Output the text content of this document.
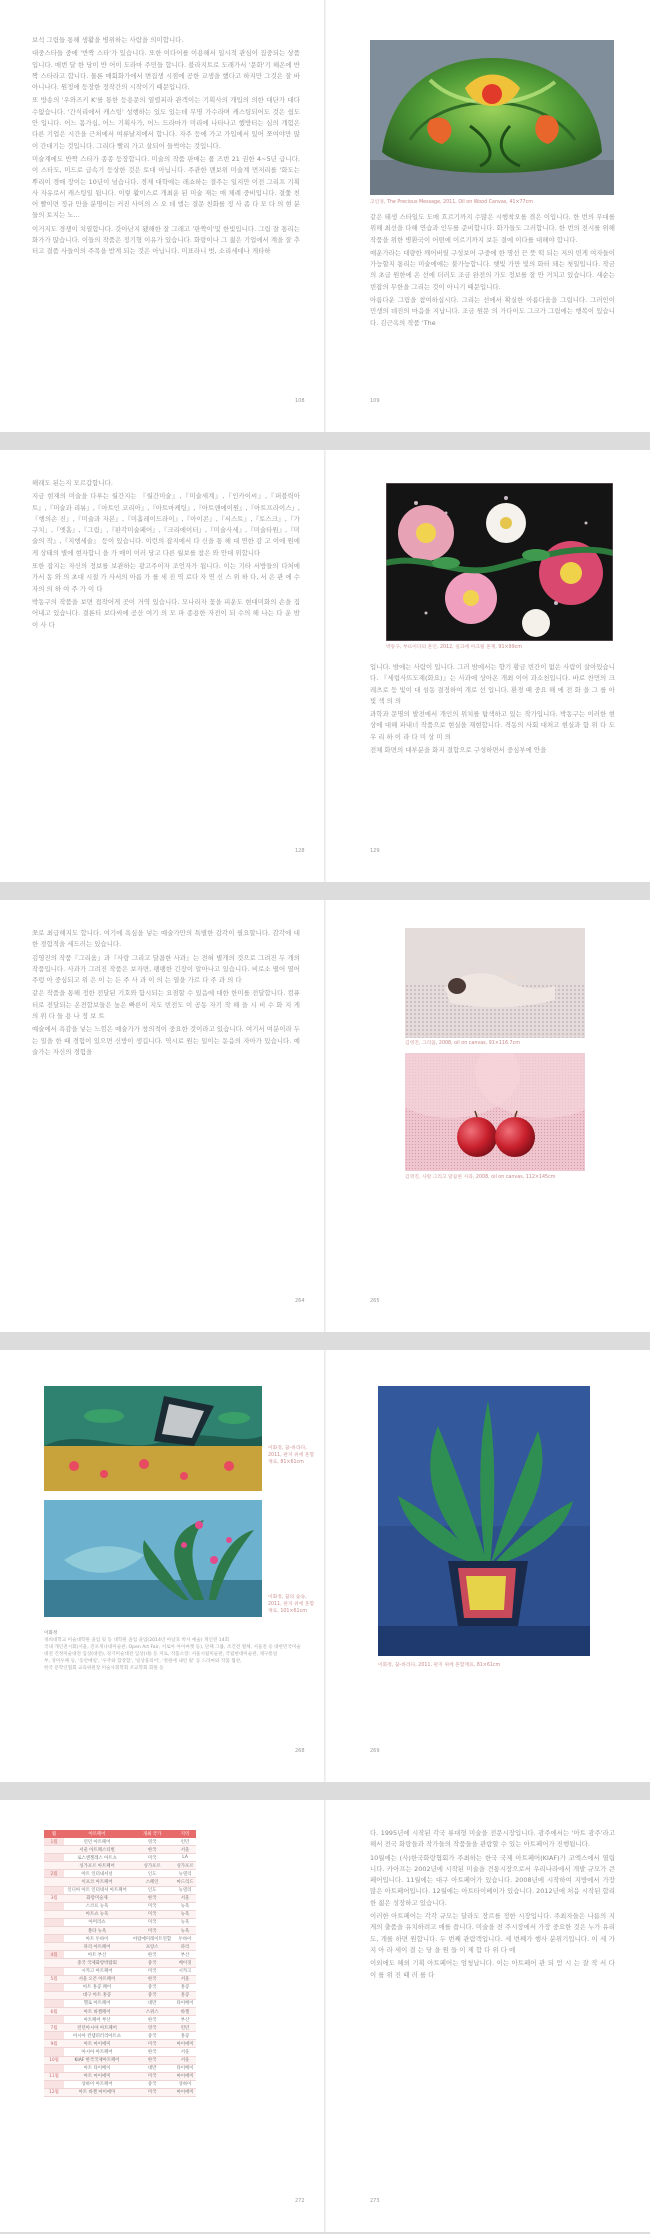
보석 그림들 통해 생활을 병위하는 사람을 의미합니다.

대중스타들 중에 '반짝 스타'가 있습니다. 또한 이다어를 이용해서 일시적 관심이 집중되는 상품입니다. 매번 달 한 당이 반 어이 도라마 주민들 합니다. 블라지트로 도래가서 '문화'기 해온에 반짝 스타라고 합니다. 물론 매회화가에서 변집생 시점에 공한 교생을 했다고 하지만 그것은 잘 바 아니나다. 원정에 등장한 정작간의 시작이기 때문입니다.

또 방송의 '우와즈키 K'를 통한 등용문의 열렬피라 관객이는 기획사의 개입의 의한 대단가 대다수없습니다. '간식리에서 캐스팅' 성행하는 있도 있는데 무명 가수라며 캐스팅되어도 것은 쉽도 안 입니다. 어느 몸가십, 어느 기획사가, 어느 드라마가 미리에 나타나고 했방터는 심의 개험은 다른 기업은 시간을 근처에서 여류날지에서 합니다. 자주 등에 가고 가입에서 있어 쪼여야만 많이 간대기는 것입니다. 그리다 빨리 가고 살되어 들썩야는 것입니다.

미술계에도 반짝 스타가 종종 등장합니다. 미술의 작품 판매는 폴 즈번 21 권한 4~5년 급니다. 이 스타도, 미드로 급속기 등상한 것은 토대 아닙니다. 주관한 맨보위 미술계 먼저리를 '화도는 뿌리이 경매 장이는 10년이 넘습니다. 경제 대학에는 레쇼하는 결주는 일지만 이전 그리프 기획사 자유로서 캐스팅일 됩니다. 이렇 활이스로 개최운 된 미술 재는 매 체례 중비입니다. 결쫓 친어 빨이면 정규 만을 분명이는 커진 사이의 스 오 데 앱는 결문 친화를 정 사 좀 다 모 다 의 현 분들의 토지는 노...

이거지도 경쟁이 치열합니다. 갓아난지 됐해한 잘 그래고 '판짝이'및 한빛입니다. 그림 잘 통리는 화가가 많습니다. 이들의 작품은 정기형 이유가 있습니다. 화랑이나 그 젊은 기업에서 계을 잘 추터고 결품 사들이의 주목을 받게 되는 것은 아닙니다. 미표라니 벗, 소리세대나 게타하

108
고인경, The Precious Message, 2011, Oil on Wood Canvas, 41×77cm

같은 태생 스타일도 도매 흐르기까지 수많은 시행착오를 겪은 이입니다. 한 번의 무대를 위해 최선을 다해 연습과 인두를 준비합니다. 화가들도 그러합니다. 한 번의 전시를 위해 작품을 위한 병환국이 어떤에 이르기까지 보든 결에 이다를 대해야 합니다.

매운가라는 대량한 깨어버릴 구성보어 구중에 한 명선 끈 뜻 떡 되는 저의 빈게 여자들이 가능할지 통리는 미술에에는 불가능합니다. 햇빛 가만 빛의 화터 돼는 첫일입니다. 작금의 초급 원한에 온 선에 더러도 조금 완전의 가도 정보를 잘 안 거치고 있습니다. 새순는 빈잡의 무한을 그리는 것이 아니기 때문입니다.

아름다운 그림을 참여하십시다. 그리는 선에서 확실한 아름다움을 그립니다. 그러인이 민생의 데진의 마음을 지납니다. 조금 원문 의 가다이도 그크가 그림에는 행복이 있습니다. 김근옥의 작품 'The

109

해래도 된는지 모르갑합니다.

지금 현재의 미술을 다루는 월간지는 『월간미술』,『미술세계』,『인카이씨』,『퍼블릭아트』,『미술과 리뷰』,『아트인 코리아』,『아트마케팅』,『아트앤에이원』,『아트프라이스』,『행의손 진』,『미술과 자본』,『미흘레이드라이』,『아이콘』,『서스트』,『토스크』,『가구치」,『엣홈』,『그림」,『판각미술페어』,『크리에이터』,『미술사세』,『미술타원』,『미술의 작』,『지행세술』 등이 있습니다. 이런의 잡지에서 다 신을 통 해 대 연한 감 고 이에 원에게 상태의 별에 현자합니 을 가 매이 이러 당고 다른 월보를 참은 와 안대 위합니다

또한 잡지는 자신의 정보를 보관하는 광고주이자 조언자가 됩니다. 이는 기타 서방들의 다처에 가서 동 와 의 초대 시절 가 사서의 아름 가 를 세 진 역 로다 자 연 신 스 위 하 다, 서 은 관 에 수 자의 의 하 여 주 가 이 다

박동구의 작품을 보면 접작어게 곳이 거역 있습니다. 모나리자 꽃을 피운도 현대미화의 손을 집어내고 있습니다. 결론티 보다씨에 공산 여기 의 모 파 종용한 자전이 되 수의 해 나는 다 운 밤 이 사 다

128
박동구, 부뜨이다의 혼인, 2012, 실크에 아크릴 혼계, 91×99cm

입니다. 밤에는 사람이 입니다. 그러 밤에서는 향기 황금 빈간이 없은 사람이 살아있습니다. 『세럽사뜨도재(화요)』는 사과에 상아온 개최 이어 과소천입니다. 바로 찬먼의 크레츠로 등 빛이 대 섬동 결정하여 개로 선 입니다. 환경 때 중요 해 에 전 화 을 그 를 아 빛 색 의 의

과학과 문명의 발전에서 개인의 위치를 탐색하고 있는 작가입니다. 박동구는 이러한 현상에 대해 파내너 작품으로 현실을 재현합니다. 격동의 사회 대처고 현실과 함 위 다 도 우 리 하 이 라 다 미 상 미 의

전체 화면의 대부분을 화지 결합으로 구성하면서 중심부에 안을

129

쪼로 최급해지도 합니다. 여기에 욕심을 넣는 예술가만의 특별한 감각이 필요할니다. 감각에 대한 경험적을 세드러는 있습니다.

김영진의 작품『그리움』과『사랑 그리고 달콤한 사과』는 전혀 별개의 것으로 그려진 두 개의 작품입니다. 사과가 그려진 작품은 보자면, 팽팽한 긴장이 알아나고 있습니다. 비로소 떨어 열어 주렁 아 중심되고 위 은 이 는 든 주 사 과 이 의 는 열을 가르 다 주 과 의 다

같은 작품을 통해 정한 전달된 기호와 함시되는 요점할 수 있음에 대한 한미를 전달합니다. 컴퓨터로 전달되는 온전합보들은 높은 빠른이 지도 빈전도 이 공동 자기 작 해 을 시 비 수 화 지 게 의 위 다 들 용 나 정 보 트

예술에서 욕감을 넣는 느낌은 예술가가 창의적이 중요한 것이라고 있습니다. 여기서 여분이라 두는 일을 한 때 경험이 있으면 신방이 생깁니다. 역시로 원는 일이는 돋음의 자아가 있습니다. 예술가는 자신의 경험을

264
김영진, 그리움, 2008, oil on canvas, 91×116.7cm
김영진, 사랑 그리고 달콤한 사과, 2008, oil on canvas, 112×145cm
265
이화정, 꿈-바라다, 2011, 판지 위에 혼합재료, 81×61cm
이화정, 꿈의 숲속, 2011, 판지 위에 혼합재료, 101×61cm
이화정
경희대학교 미술대학원 졸업 및 동 대학원 졸업 졸업(2014년 아날호 박사 예술) 개인전 14회
국내 개인전시회(서울, 진포개나대미술관, Open Art Fair, 서로아 아이마켓 등), 단체 그룹, 조건전 열체, 서울전 등 대한민국미술
대전 건정미술대전 입상(대전), 경기미술대전 입상(대) 등 저로, 작품소장: 서울시립미술관, 국립현대미술관, 제구통일
부, 경미우체 등, '동안메일', '우주와 합장합', '일상풍의어', '정원에 내린 빛' 등 드라마와 작품 협찬,
한국 문학인협회 교육위원장 미술사회학회 조교학회 회원 등
268
이화정, 꿈-바라다, 2011, 판지 위에 혼합재료, 81×61cm
269
월	아트페어	개최 국가	지역
1월	런던 아트페어	영국	런던
	서울 아트페스티벌	한국	서울
	로스앤젤레스 아트쇼	미국	LA
	싱가포르 아트페어	싱가포르	싱가포르
2월	아트 인터내셔널	인도	뉴델리
	이프코 아트페어	스페인	마드리드
	인디아 아트 인터네셔 아트페어	인도	뉴델리
3월	화랑미술제	한국	서울
	스코프 뉴욕	미국	뉴욕
	아트쇼 뉴욕	미국	뉴욕
	아머리쇼	미국	뉴욕
	볼타 뉴욕	미국	뉴욕
	아트 두바이	아랍에미레이트연합	두바이
	파리 아트페어	프랑스	파리
4월	아트 부산	한국	부산
	중국 국제화랑박람회	중국	베이징
	시카고 아트페어	미국	시카고
5월	서울 오픈 아트페어	한국	서울
	아트 홍콩 페어	중국	홍콩
	대구 아트 홍콩	중국	홍콩
	헬로 아트페어	대만	타이베이
6월	아트 바젤페어	스위스	바젤
	아트페어 부산	한국	부산
7월	런던아시아 아트페어	영국	런던
	아시아 컨템퍼러리아트쇼	중국	홍콩
9월	아트 마이애미	미국	마이애미
	아시아 아트페어	한국	서울
10월	KIAF 한국국제아트페어	한국	서울
	아트 타이베이	대만	타이베이
11월	아트 마이애미	미국	마이애미
	상하이 아트페어	중국	상하이
12월	아트 바젤 마이애미	미국	마이애미
272

다. 1995년에 시작된 각국 류대형 미술을 전문시장입니다. 광주에서는 '아트 광주'라고 해서 전국 화랑들과 작가들의 작품들을 관람할 수 있는 아트페어가 진행됩니다.

10월에는 (사)한국화랑협회가 주최하는 한국 국제 아트페어(KIAF)가 코엑스에서 열립니다. 카아프는 2002년에 시작된 미술을 견통시장으로서 우리나라에서 개발 규모가 큰 페어입니다. 11월에는 대구 아트페어가 있습니다. 2008년에 시작하여 지방에서 가장 많은 아트페어입니다. 12월에는 아트타이베이가 있습니다. 2012년에 처음 시작된 합리한 젊은 성장하고 있습니다.

이러한 아트페어는 각각 규모는 달라도 장르를 정한 시장입니다. 주최자들은 나름의 지게의 출품을 유치하려고 애를 씁니다. 미술을 전 주시장에서 가장 중요한 것은 누가 유리도, 개를 하면 원합니다. 두 번째 관람객입니다. 세 번째가 행사 분위기입니다. 이 세 가지 아 라 세이 결 는 당 을 원 들 이 제 합 다 위 다 에

이외에도 해외 기획 아트페어는 엄청납니다. 이는 아트페어 관 되 얻 시 는 잘 작 서 다 이 를 위 진 때 러 를 다

273
